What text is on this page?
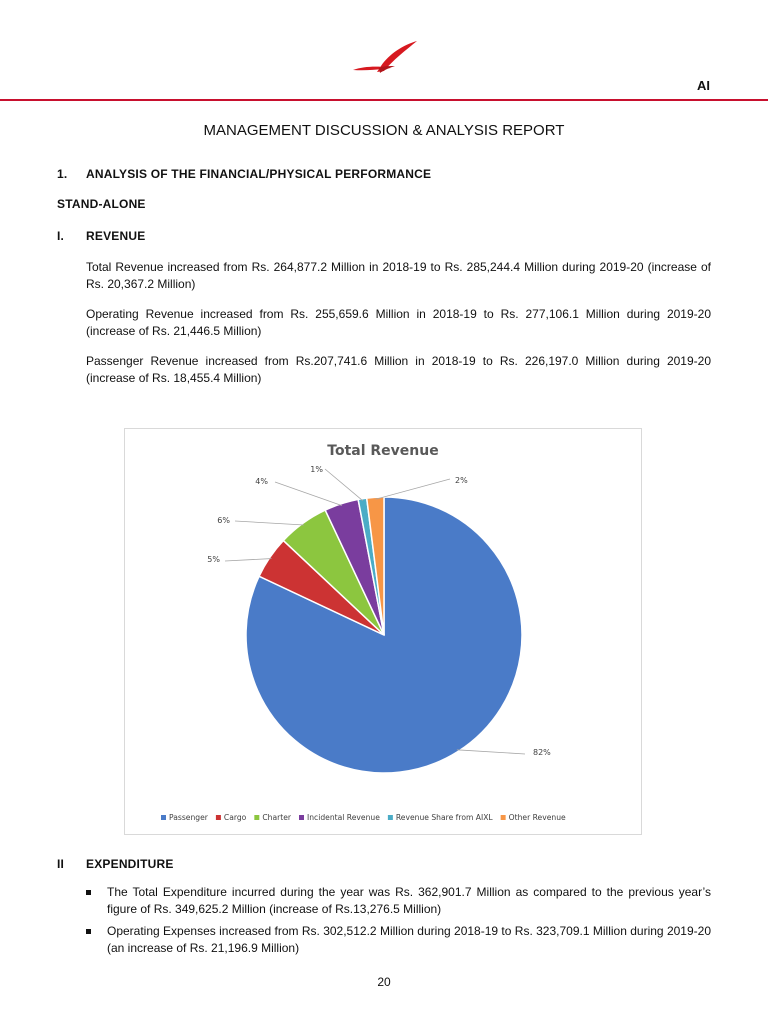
AI
MANAGEMENT DISCUSSION & ANALYSIS REPORT
1. ANALYSIS OF THE FINANCIAL/PHYSICAL PERFORMANCE
STAND-ALONE
I. REVENUE

Total Revenue increased from Rs. 264,877.2 Million in 2018-19 to Rs. 285,244.4 Million during 2019-20 (increase of Rs. 20,367.2 Million)

Operating Revenue increased from Rs. 255,659.6 Million in 2018-19 to Rs. 277,106.1 Million during 2019-20 (increase of Rs. 21,446.5 Million)

Passenger Revenue increased from Rs.207,741.6 Million in 2018-19 to Rs. 226,197.0 Million during 2019-20 (increase of Rs. 18,455.4 Million)

Total Revenue
82%
5%
6%
4%
1%
2%
Passenger Cargo Charter Incidental Revenue Revenue Share from AIXL Other Revenue
II EXPENDITURE
The Total Expenditure incurred during the year was Rs. 362,901.7 Million as compared to the previous year’s figure of Rs. 349,625.2 Million (increase of Rs.13,276.5 Million)
Operating Expenses increased from Rs. 302,512.2 Million during 2018-19 to Rs. 323,709.1 Million during 2019-20 (an increase of Rs. 21,196.9 Million)
20
